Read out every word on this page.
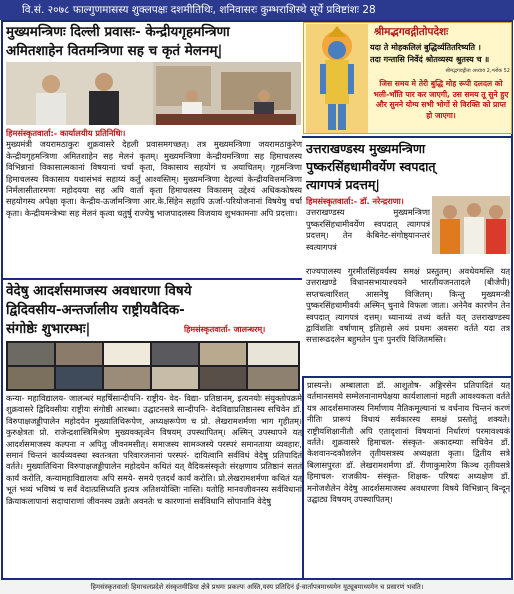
वि.सं. २०७८ फाल्गुणमासस्य शुक्लपक्षः दशमीतिथिः, शनिवासरः कुम्भराशिस्थे सूर्ये प्रविष्टांशः 28
मुख्यमन्त्रिणः दिल्ली प्रवासः- केन्द्रीयगृहमन्त्रिणा
अमितशाहेन वितमन्त्रिणा सह च कृतं मेलनम्|
हिमसंस्कृतवार्ता:- कार्यालयीय प्रतिनिधिः।
मुख्यमंत्री जयरामठाकुरः शुक्रवासरे देहली प्रवासमगच्छत्। तत्र मुख्यमन्त्रिणा जयरामठाकुरेण केन्द्रीयगृहमन्त्रिणा अमितशाहेन सह मेलनं कृतम्। मुख्यमन्त्रिणा केन्द्रीयमन्त्रिणा सह हिमाचलस्य विभिन्नानां विकासात्मकानां विषयानां चर्चा कृता, विकासाय सहयोगं च अयाचितम्। गृहमन्त्रिणा हिमाचलस्य विकासाय यथासंभवं सहाय्यं कर्तुं आश्वस्तिम्। मुख्यमन्त्रिणा देहल्यां केन्द्रीयवित्तमन्त्रिणा निर्मलासीतारमणः महोदयया सह अपि वार्ता कृता हिमाचलस्य विकासम् उद्देश्यं अधिककोषस्य सहयोगस्य अपेक्षा कृता। केन्द्रीय-ऊर्जामन्त्रिणा आर.के.सिंहेन सहापि ऊर्जा-परियोजनानां विषयेषु चर्चा कृता। केन्द्रीयमन्त्रेभ्यः सह मेलनं कृत्वा चतुर्षु राज्येषु भाजपादलस्य विजयाय शुभकामनाः अपि प्रदत्ताः।
श्रीमद्भगवद्गीतोपदेशः
यदा ते मोहकलिलं बुद्धिर्व्यतितरिष्यति ।
तदा गन्तासि निर्वेदं श्रोतव्यस्य श्रुतस्य च ॥
श्रीमद्भगवद्गीता अध्याय 2,श्लोक 52
जिस समय मे तेरी बुद्धि मोह रूपी दलदल को भली-भाँति पार कर जाएगी, उस समय तू सुने हुए और सुनने योग्य सभी भोगों से विरक्ति को प्राप्त हो जाएगा।
उत्तराखण्डस्य मुख्यमन्त्रिणा
पुष्करसिंहधामीवर्येण स्वपदात्
त्यागपत्रं प्रदत्तम्|
हिमसंस्कृतवार्ता:- डॉ. नरेन्द्रराणा।
उत्तराखण्डस्य मुख्यमन्त्रिणा पुष्करसिंहधामीवर्येण स्वपदात् त्यागपत्रं प्रदत्तम्। तेन केबिनेट-संगोष्ठ्यानन्तरं स्वत्यागपत्रं
राज्यपालस्य गुरमीतसिंहवर्यस्य समक्षं प्रस्तुतम्। अवधेयमस्ति यत् उत्तराखण्डे विधानसभायाश्चयने भारतीयजनतादले (बीजेपी) सप्तचत्वारिंशत् आसनेषु विजितम्। किन्तु मुख्यमन्त्री पुष्करसिंहधामीवर्यः अस्मिन् चुनावे विफलः जातः। अनेनैव कारणेन तेन स्वपदात् त्यागपत्रं दत्तम्। ध्यानाय्यं तथ्यं वर्तते यत् उत्तराखण्डस्य द्वाविंशतिः वर्षाणाम् इतिहासे अयं प्रथमः अवसरः वर्तते यदा तत्र सत्तारूढदलेन बहुमतेन पुनः पुनरपि विजितमस्ति।
वेदेषु आदर्शसमाजस्य अवधारणा विषये
द्विदिवसीय-अन्तर्जालीय राष्ट्रीयवैदिक-
संगोष्ठेः शुभारम्भः|	हिमसंस्कृतवार्ता- जालन्धरम्।
कन्या- महाविद्यालय- जालन्धरं महर्षिसान्दीपनि- राष्ट्रीय- वेद- विद्या- प्रतिष्ठानम्, इत्यनयोः संयुक्तोपक्रमे शुक्रवासरे द्विदिवसीयः राष्ट्रीयः संगोष्ठी आरब्धा। उद्घाटनसत्रे सान्दीपनि- वेदविद्याप्रतिष्ठानस्य सचिवेन डॉ. विरुपाक्षजड्डीपालेन महोदयेन मुख्यातिथिरूपेण, अध्यक्षरूपेण च प्रो. लेखरामशर्मणा भाग गृहीतम्। कुरुक्षेत्रतः प्रो. राजेन्द्रशास्त्रिमिश्रेण मुख्यवक्तृत्वेन विषयम् उपस्थापितम्। अस्मिन् उपस्थापने यत् आदर्शसमाजस्य कल्पना न अपितु जीवनमसीत्। समाजस्य सामञ्जस्ये परस्परं समानताया व्यवहारः, समानं चिन्तनं कार्यव्यवस्था स्वतन्त्रता परिवारजनानां परस्परं- दायित्वानि सर्वविधं वेदेषु प्रतिपादितं वर्तते। मुख्यातिथिना विरुपाक्षजड्डीपालेन महोदयेन कथितं यत् वैदिकसंस्कृतेः संरक्षणाय प्रतिष्ठानं सततं कार्यं करोति, कन्यामहाविद्यालयः अपि समये- समये एतदर्थं कार्यं करोति। प्रो.लेखरामशर्मणा कथितं यत् भूतं भव्यं भविष्यं च सर्वं वेदात्प्रसिध्यति इत्यत्र अतिशयोक्तिः नास्ति। यतोहि मानवजीवनस्य सर्वविधानां क्रियाकलापानां सदाचाराणां जीवनस्य उन्नतेः अवनतेः च कारणानां सर्वविधानि सोपानानि वेदेषु
प्रास्यन्ते। अम्बालातः डॉ. आशुतोष- अङ्गिरसेन प्रतिपादितं यत् वर्तमानसमये सम्मेलनानामपेक्षया कार्यशालानां महती आवश्यकता वर्तते यत्र आदर्शसमाजस्य निर्माणाय नैतिकमूल्यानां च वर्धनाय चिन्तनं करणं नीतिः प्रारूपं विधायं सर्वकारस्य समक्षं प्रस्तोतुं शक्यते। राष्ट्रीयशिक्षानीतौ अपि एतादृशानां विषयानां निर्धारणं परमावश्यकं वर्तते। शुक्रवासरे हिमाचल- संस्कृत- अकादम्याः सचिवेन डॉ. केशवानन्दकौशलेन तृतीयसत्रस्य अध्यक्षता कृता। द्वितीय सत्रे बिलासपुरतः डॉ. लेखरामशर्मणा डॉ. रीणाकुमारेण किञ्च तृतीयसत्रे हिमाचल- राजकीय- संस्कृत- शिक्षक- परिषदः अध्यक्षेण डॉ. मनोजशैलेन वेदेषु आदर्शसमाजस्य अवधारणा विषये विभिन्नान् बिन्दून् उद्घाट्य विषयम् उपस्थापितम्।
हिमसंस्कृतवार्ताः हिमाचलप्रदेशे संस्कृतमीडिया क्षेत्रे प्रथमः प्रकल्पः अस्ति,यस्य प्रतिदिनं ई-वार्तापत्रमाध्यमेन यूट्यूबमाध्यमेन च प्रसारणं भवति।
